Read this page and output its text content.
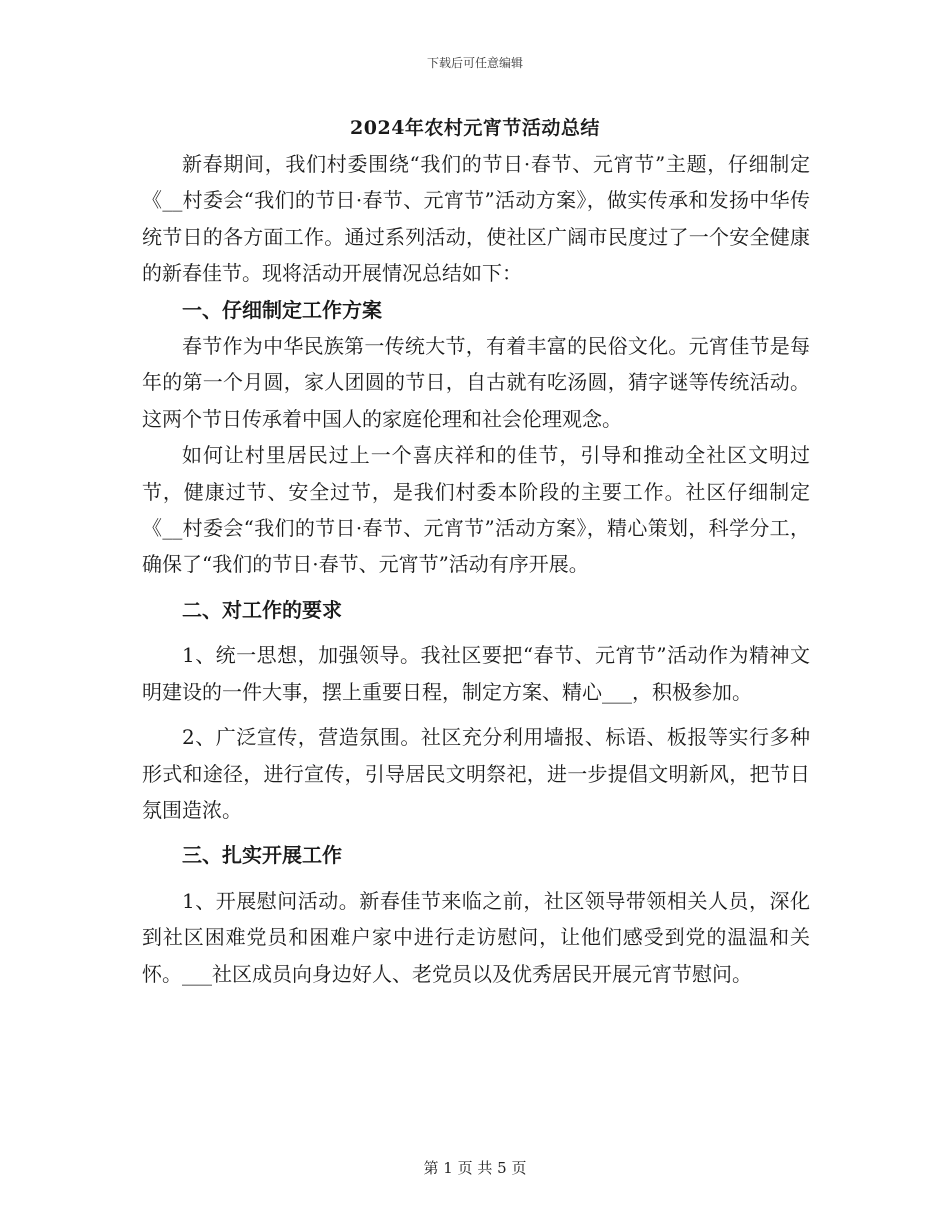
下载后可任意编辑
2024年农村元宵节活动总结

新春期间，我们村委围绕“我们的节日·春节、元宵节”主题，仔细制定《__村委会“我们的节日·春节、元宵节”活动方案》，做实传承和发扬中华传统节日的各方面工作。通过系列活动，使社区广阔市民度过了一个安全健康的新春佳节。现将活动开展情况总结如下：

一、仔细制定工作方案

春节作为中华民族第一传统大节，有着丰富的民俗文化。元宵佳节是每年的第一个月圆，家人团圆的节日，自古就有吃汤圆，猜字谜等传统活动。这两个节日传承着中国人的家庭伦理和社会伦理观念。

如何让村里居民过上一个喜庆祥和的佳节，引导和推动全社区文明过节，健康过节、安全过节，是我们村委本阶段的主要工作。社区仔细制定《__村委会“我们的节日·春节、元宵节”活动方案》，精心策划，科学分工，确保了“我们的节日·春节、元宵节”活动有序开展。

二、对工作的要求

1、统一思想，加强领导。我社区要把“春节、元宵节”活动作为精神文明建设的一件大事，摆上重要日程，制定方案、精心___，积极参加。

2、广泛宣传，营造氛围。社区充分利用墙报、标语、板报等实行多种形式和途径，进行宣传，引导居民文明祭祀，进一步提倡文明新风，把节日氛围造浓。

三、扎实开展工作

1、开展慰问活动。新春佳节来临之前，社区领导带领相关人员，深化到社区困难党员和困难户家中进行走访慰问，让他们感受到党的温温和关怀。___社区成员向身边好人、老党员以及优秀居民开展元宵节慰问。

第 1 页 共 5 页
